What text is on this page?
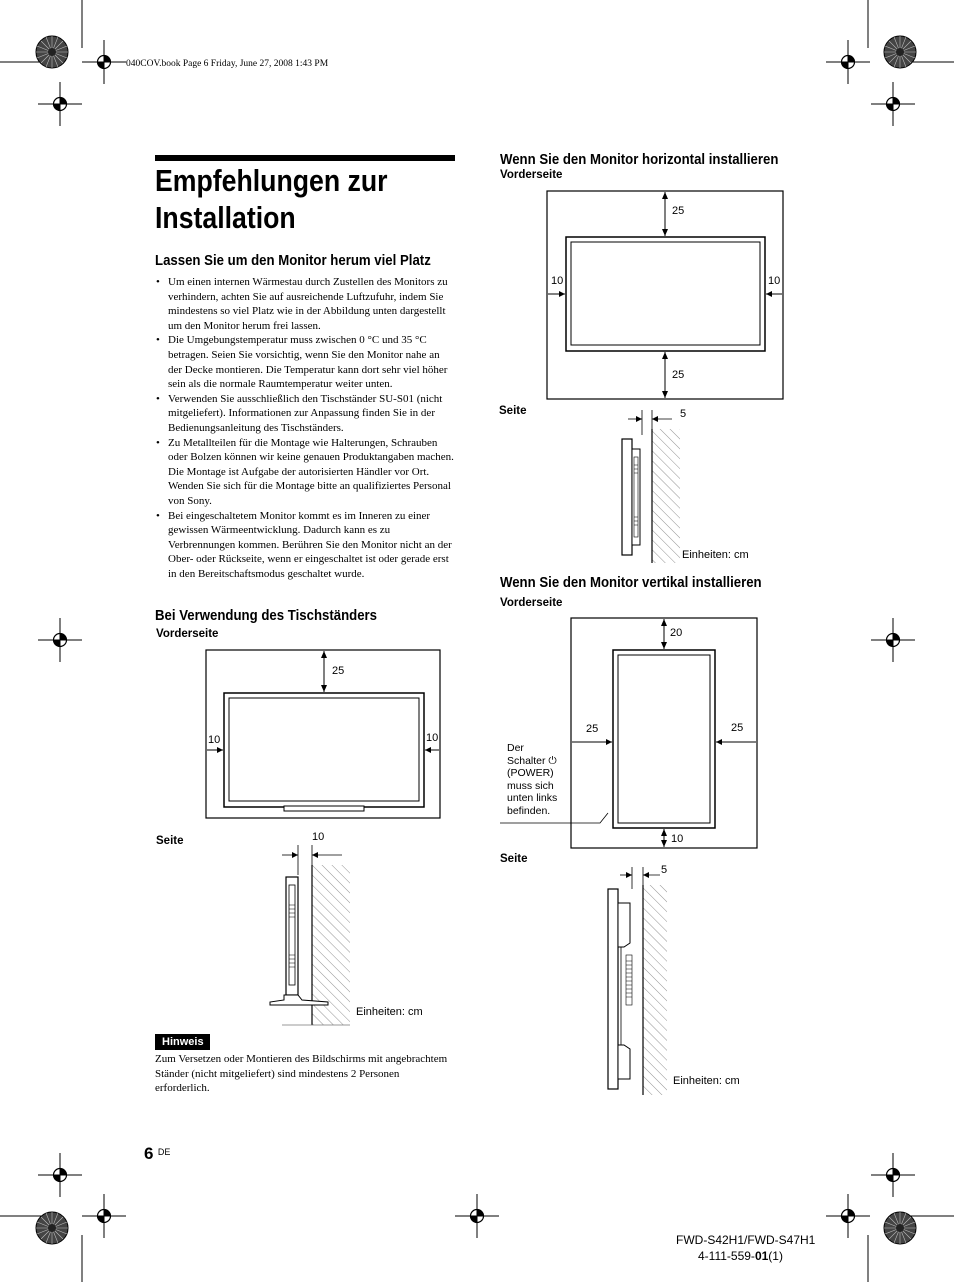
040COV.book Page 6 Friday, June 27, 2008 1:43 PM
Empfehlungen zur
Installation
Lassen Sie um den Monitor herum viel Platz
• Um einen internen Wärmestau durch Zustellen des Monitors zu verhindern, achten Sie auf ausreichende Luftzufuhr, indem Sie mindestens so viel Platz wie in der Abbildung unten dargestellt um den Monitor herum frei lassen.
• Die Umgebungstemperatur muss zwischen 0 °C und 35 °C betragen. Seien Sie vorsichtig, wenn Sie den Monitor nahe an der Decke montieren. Die Temperatur kann dort sehr viel höher sein als die normale Raumtemperatur weiter unten.
• Verwenden Sie ausschließlich den Tischständer SU-S01 (nicht mitgeliefert). Informationen zur Anpassung finden Sie in der Bedienungsanleitung des Tischständers.
• Zu Metallteilen für die Montage wie Halterungen, Schrauben oder Bolzen können wir keine genauen Produktangaben machen. Die Montage ist Aufgabe der autorisierten Händler vor Ort. Wenden Sie sich für die Montage bitte an qualifiziertes Personal von Sony.
• Bei eingeschaltetem Monitor kommt es im Inneren zu einer gewissen Wärmeentwicklung. Dadurch kann es zu Verbrennungen kommen. Berühren Sie den Monitor nicht an der Ober- oder Rückseite, wenn er eingeschaltet ist oder gerade erst in den Bereitschaftsmodus geschaltet wurde.
Bei Verwendung des Tischständers
Vorderseite
25
10	10
Seite	10
Einheiten: cm
Hinweis
Zum Versetzen oder Montieren des Bildschirms mit angebrachtem Ständer (nicht mitgeliefert) sind mindestens 2 Personen erforderlich.
Wenn Sie den Monitor horizontal installieren
Vorderseite
25
10	10
25
Seite	5
Einheiten: cm
Wenn Sie den Monitor vertikal installieren
Vorderseite
20
25	25
10
Der
Schalter ⏻
(POWER)
muss sich
unten links
befinden.
Seite
5
Einheiten: cm
6 $^{DE}$
FWD-S42H1/FWD-S47H1
4-111-559-01(1)
